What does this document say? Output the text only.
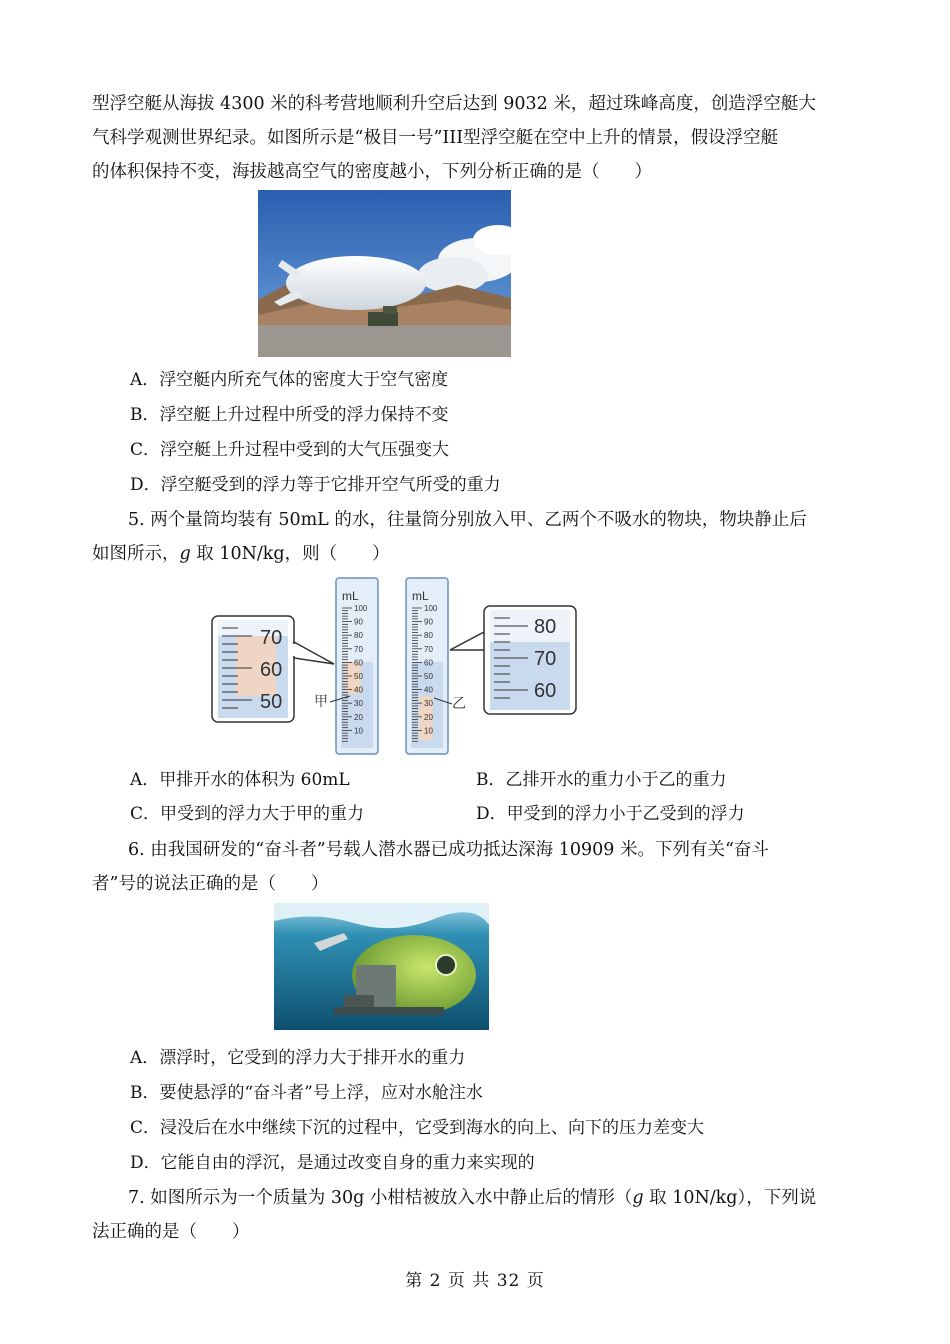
型浮空艇从海拔 4300 米的科考营地顺利升空后达到 9032 米，超过珠峰高度，创造浮空艇大
气科学观测世界纪录。如图所示是“极目一号”III型浮空艇在空中上升的情景，假设浮空艇
的体积保持不变，海拔越高空气的密度越小，下列分析正确的是（　　）
A．浮空艇内所充气体的密度大于空气密度
B．浮空艇上升过程中所受的浮力保持不变
C．浮空艇上升过程中受到的大气压强变大
D．浮空艇受到的浮力等于它排开空气所受的重力
5. 两个量筒均装有 50mL 的水，往量筒分别放入甲、乙两个不吸水的物块，物块静止后
如图所示，g 取 10N/kg，则（　　）
70
60
50
mL
100
90
80
70
60
50
40
30
20
10
甲
mL
100
90
80
70
60
50
40
30
20
10
乙
80
70
60
A．甲排开水的体积为 60mL	B．乙排开水的重力小于乙的重力
C．甲受到的浮力大于甲的重力	D．甲受到的浮力小于乙受到的浮力
6. 由我国研发的“奋斗者”号载人潜水器已成功抵达深海 10909 米。下列有关“奋斗
者”号的说法正确的是（　　）
A．漂浮时，它受到的浮力大于排开水的重力
B．要使悬浮的“奋斗者”号上浮，应对水舱注水
C．浸没后在水中继续下沉的过程中，它受到海水的向上、向下的压力差变大
D．它能自由的浮沉，是通过改变自身的重力来实现的
7. 如图所示为一个质量为 30g 小柑桔被放入水中静止后的情形（g 取 10N/kg），下列说
法正确的是（　　）
第 2 页 共 32 页
